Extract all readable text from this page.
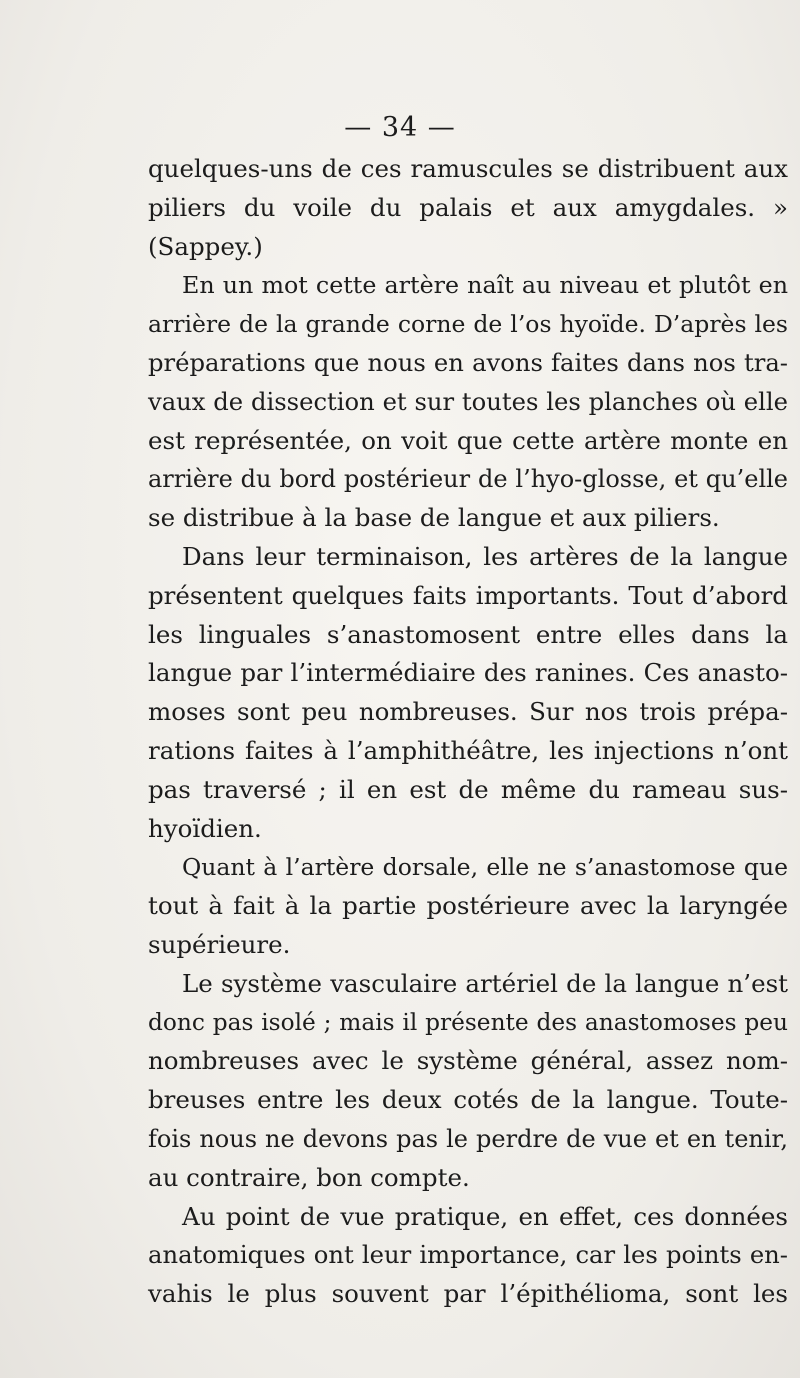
— 34 —
quelques-uns de ces ramuscules se distribuent aux
piliers du voile du palais et aux amygdales. »
(Sappey.)
En un mot cette artère naît au niveau et plutôt en
arrière de la grande corne de l’os hyoïde. D’après les
préparations que nous en avons faites dans nos tra-
vaux de dissection et sur toutes les planches où elle
est représentée, on voit que cette artère monte en
arrière du bord postérieur de l’hyo-glosse, et qu’elle
se distribue à la base de langue et aux piliers.
Dans leur terminaison, les artères de la langue
présentent quelques faits importants. Tout d’abord
les linguales s’anastomosent entre elles dans la
langue par l’intermédiaire des ranines. Ces anasto-
moses sont peu nombreuses. Sur nos trois prépa-
rations faites à l’amphithéâtre, les injections n’ont
pas traversé ; il en est de même du rameau sus-
hyoïdien.
Quant à l’artère dorsale, elle ne s’anastomose que
tout à fait à la partie postérieure avec la laryngée
supérieure.
Le système vasculaire artériel de la langue n’est
donc pas isolé ; mais il présente des anastomoses peu
nombreuses avec le système général, assez nom-
breuses entre les deux cotés de la langue. Toute-
fois nous ne devons pas le perdre de vue et en tenir,
au contraire, bon compte.
Au point de vue pratique, en effet, ces données
anatomiques ont leur importance, car les points en-
vahis le plus souvent par l’épithélioma, sont les
